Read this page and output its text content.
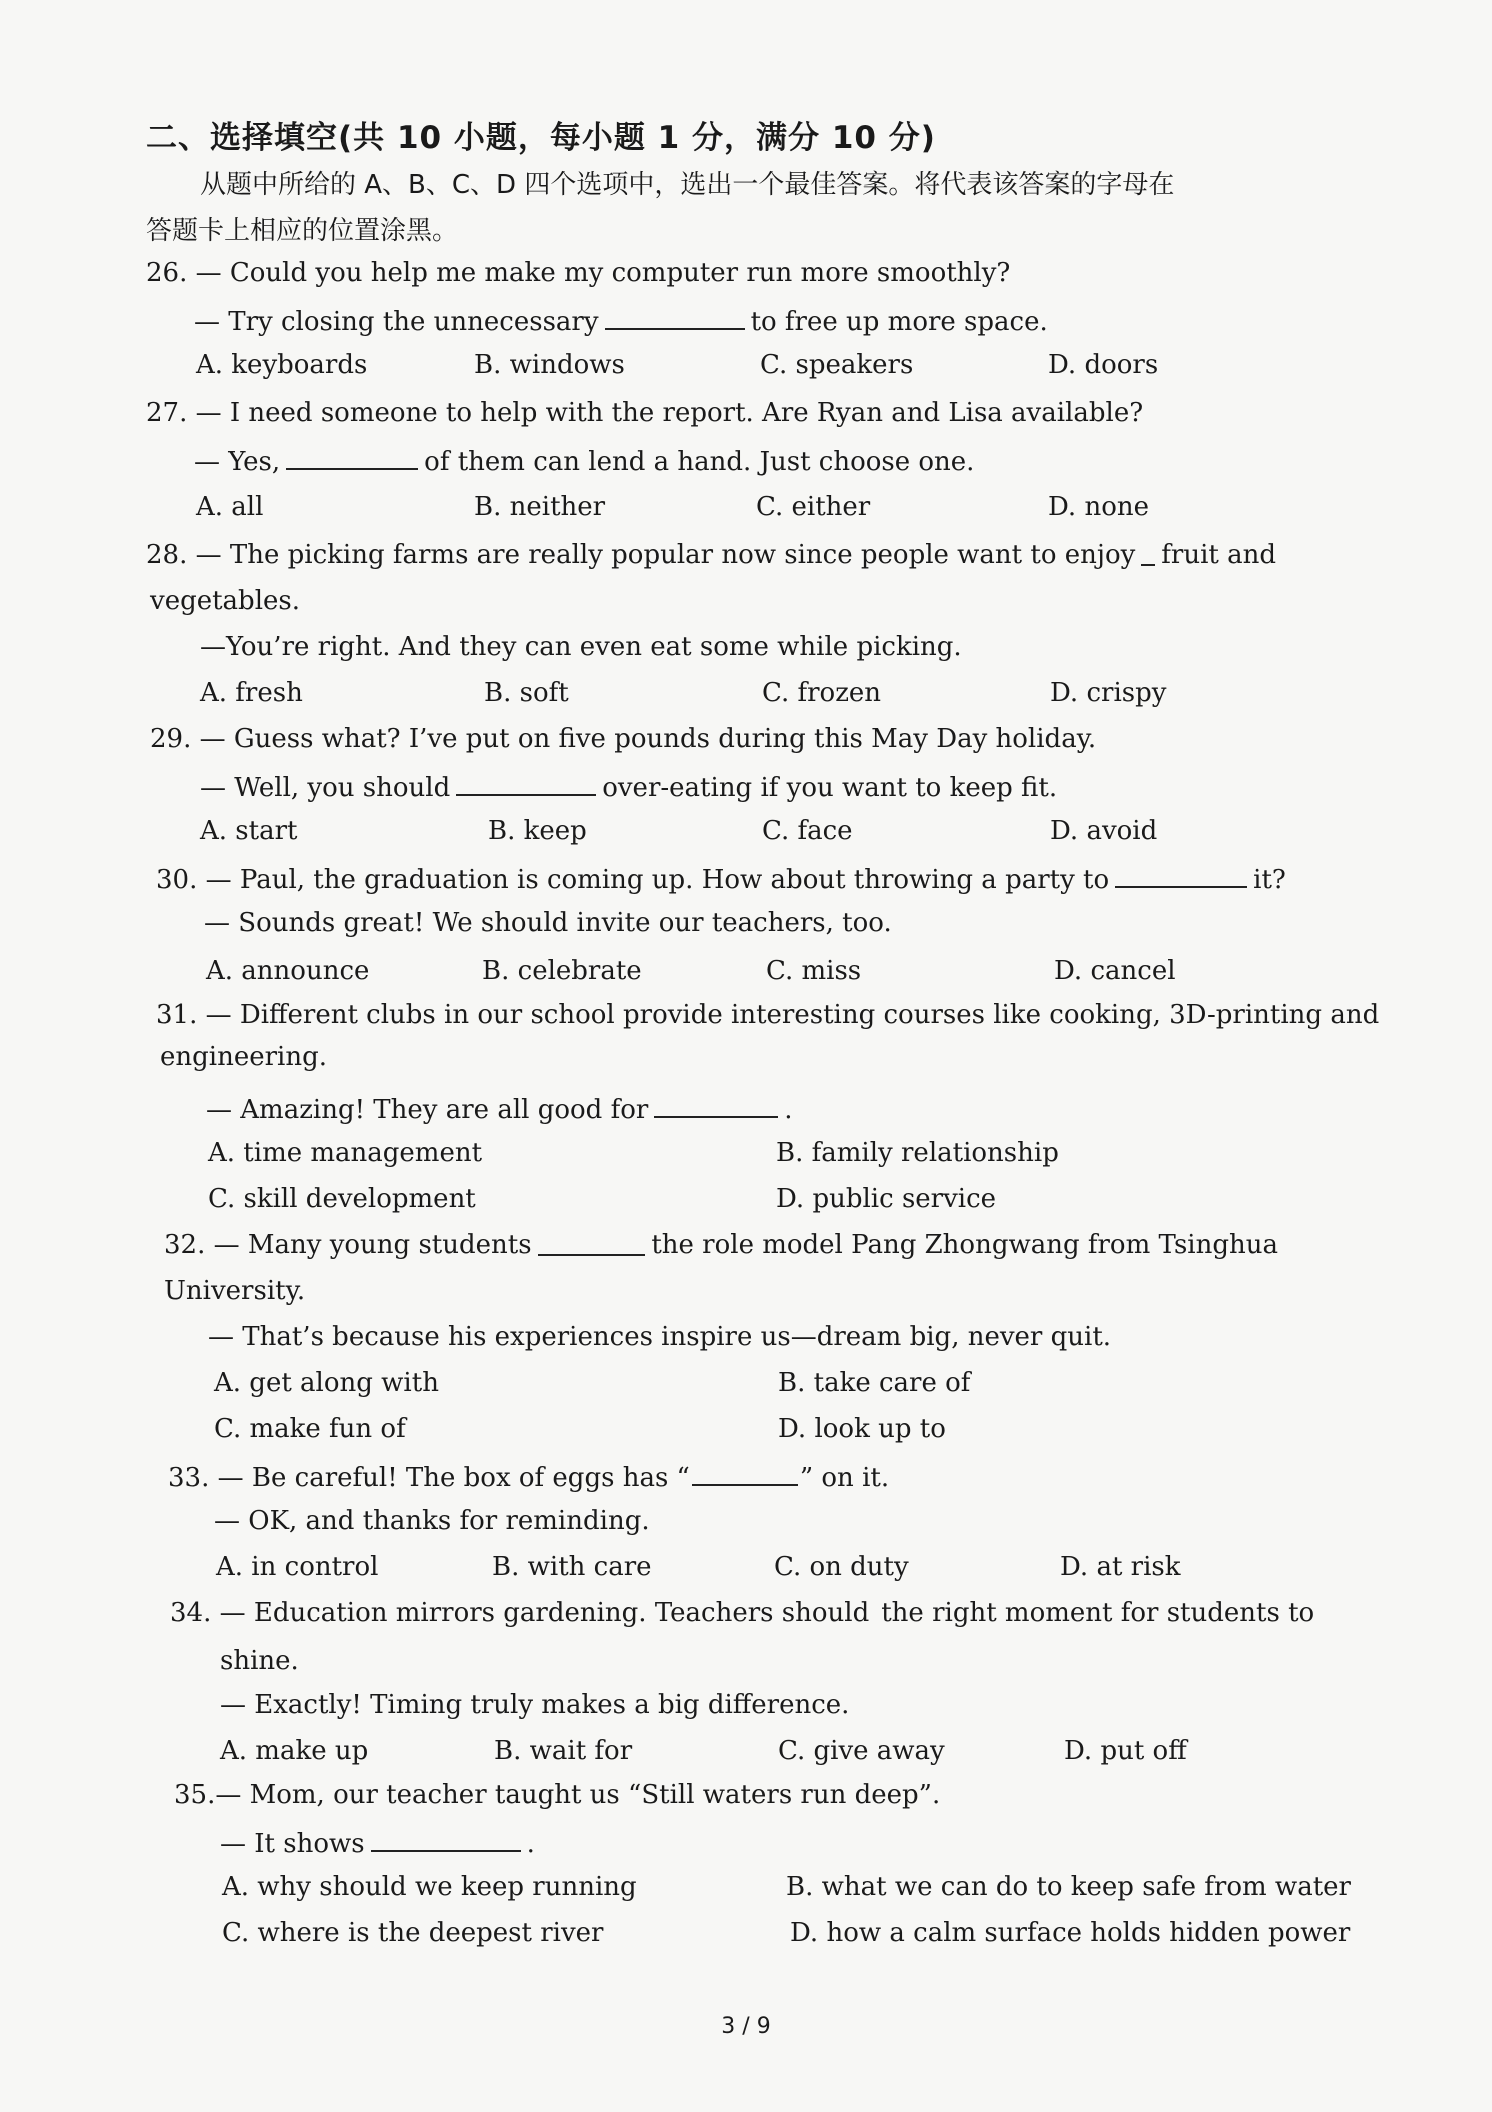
二、选择填空(共 10 小题，每小题 1 分，满分 10 分)
从题中所给的 A、B、C、D 四个选项中，选出一个最佳答案。将代表该答案的字母在
答题卡上相应的位置涂黑。
26. — Could you help me make my computer run more smoothly?
— Try closing the unnecessary	to free up more space.
A. keyboards	B. windows	C. speakers	D. doors
27. — I need someone to help with the report. Are Ryan and Lisa available?
— Yes,	of them can lend a hand. Just choose one.
A. all	B. neither	C. either	D. none
28. — The picking farms are really popular now since people want to enjoy fruit and
vegetables.
—You’re right. And they can even eat some while picking.
A. fresh	B. soft	C. frozen	D. crispy
29. — Guess what? I’ve put on five pounds during this May Day holiday.
— Well, you should	over-eating if you want to keep fit.
A. start	B. keep	C. face	D. avoid
30. — Paul, the graduation is coming up. How about throwing a party to	it?
— Sounds great! We should invite our teachers, too.
A. announce	B. celebrate	C. miss	D. cancel
31. — Different clubs in our school provide interesting courses like cooking, 3D-printing and
engineering.
— Amazing! They are all good for	.
A. time management	B. family relationship
C. skill development	D. public service
32. — Many young students	the role model Pang Zhongwang from Tsinghua
University.
— That’s because his experiences inspire us—dream big, never quit.
A. get along with	B. take care of
C. make fun of	D. look up to
33. — Be careful! The box of eggs has “	” on it.
— OK, and thanks for reminding.
A. in control	B. with care	C. on duty	D. at risk
34. — Education mirrors gardening. Teachers should the right moment for students to
shine.
— Exactly! Timing truly makes a big difference.
A. make up	B. wait for	C. give away	D. put off
35.— Mom, our teacher taught us “Still waters run deep”.
— It shows	.
A. why should we keep running	B. what we can do to keep safe from water
C. where is the deepest river	D. how a calm surface holds hidden power
3 / 9
